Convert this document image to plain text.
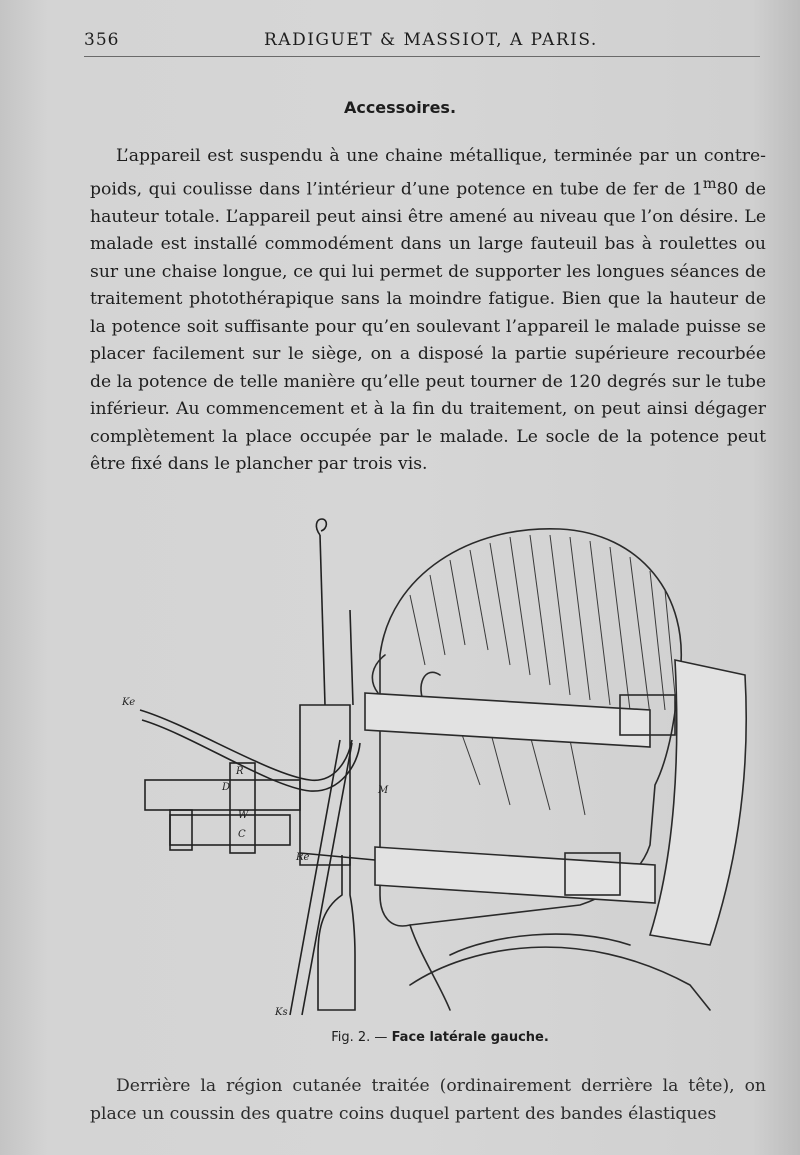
356	RADIGUET & MASSIOT, A PARIS.
Accessoires.

L’appareil est suspendu à une chaine métallique, terminée par un contre-poids, qui coulisse dans l’intérieur d’une potence en tube de fer de 1$^m$80 de hauteur totale. L’appareil peut ainsi être amené au niveau que l’on désire. Le malade est installé commodément dans un large fauteuil bas à roulettes ou sur une chaise longue, ce qui lui permet de supporter les longues séances de traitement photothérapique sans la moindre fatigue. Bien que la hauteur de la potence soit suffisante pour qu’en soulevant l’appareil le malade puisse se placer facilement sur le siège, on a disposé la partie supérieure recourbée de la potence de telle manière qu’elle peut tourner de 120 degrés sur le tube inférieur. Au commencement et à la fin du traitement, on peut ainsi dégager complètement la place occupée par le malade. Le socle de la potence peut être fixé dans le plancher par trois vis.

Ke
R
D
W
C
M
Re
Ks
Fig. 2. — Face latérale gauche.

Derrière la région cutanée traitée (ordinairement derrière la tête), on place un coussin des quatre coins duquel partent des bandes élastiques
